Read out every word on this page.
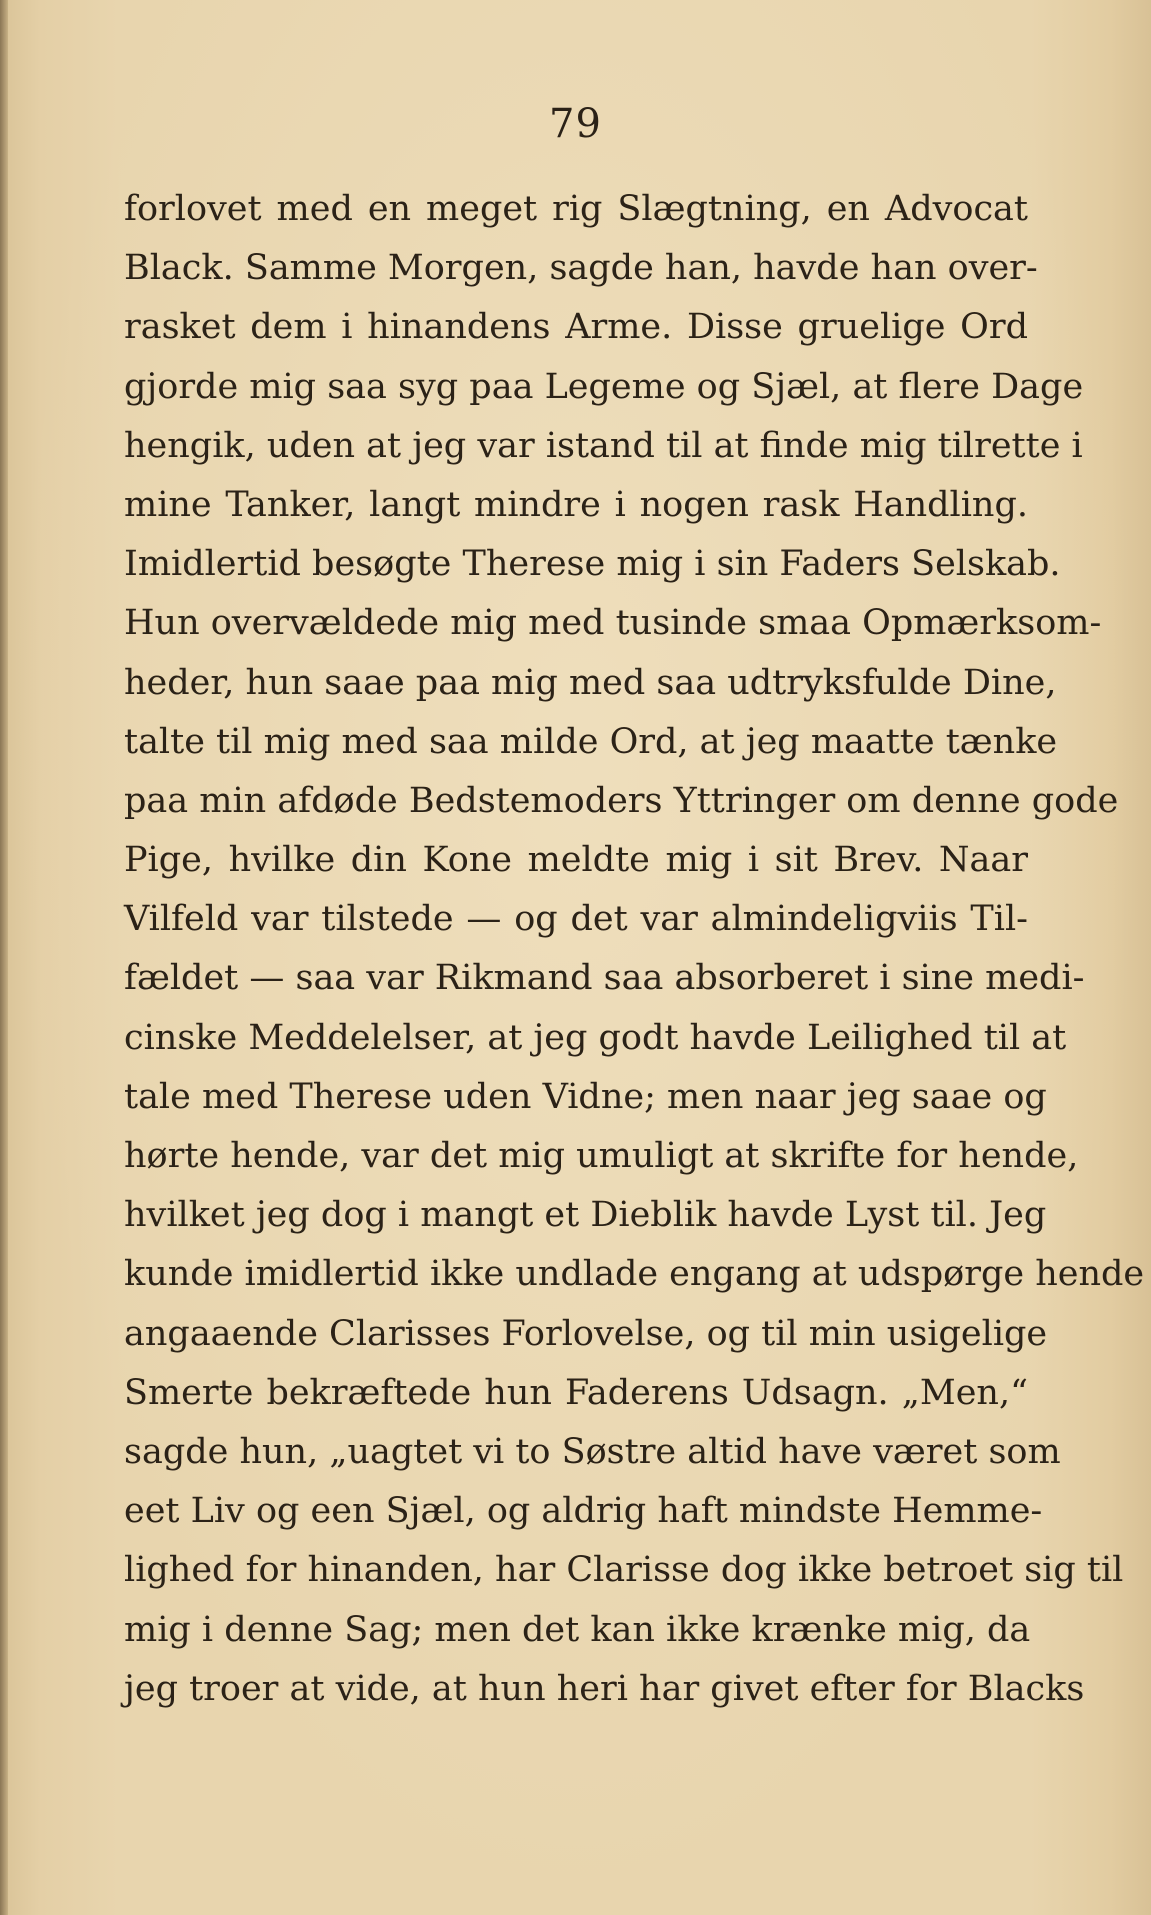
79
forlovet med en meget rig Slægtning, en Advocat
Black. Samme Morgen, sagde han, havde han over-
rasket dem i hinandens Arme. Disse gruelige Ord
gjorde mig saa syg paa Legeme og Sjæl, at flere Dage
hengik, uden at jeg var istand til at finde mig tilrette i
mine Tanker, langt mindre i nogen rask Handling.
Imidlertid besøgte Therese mig i sin Faders Selskab.
Hun overvældede mig med tusinde smaa Opmærksom-
heder, hun saae paa mig med saa udtryksfulde Dine,
talte til mig med saa milde Ord, at jeg maatte tænke
paa min afdøde Bedstemoders Yttringer om denne gode
Pige, hvilke din Kone meldte mig i sit Brev. Naar
Vilfeld var tilstede — og det var almindeligviis Til-
fældet — saa var Rikmand saa absorberet i sine medi-
cinske Meddelelser, at jeg godt havde Leilighed til at
tale med Therese uden Vidne; men naar jeg saae og
hørte hende, var det mig umuligt at skrifte for hende,
hvilket jeg dog i mangt et Dieblik havde Lyst til. Jeg
kunde imidlertid ikke undlade engang at udspørge hende
angaaende Clarisses Forlovelse, og til min usigelige
Smerte bekræftede hun Faderens Udsagn. „Men,“
sagde hun, „uagtet vi to Søstre altid have været som
eet Liv og een Sjæl, og aldrig haft mindste Hemme-
lighed for hinanden, har Clarisse dog ikke betroet sig til
mig i denne Sag; men det kan ikke krænke mig, da
jeg troer at vide, at hun heri har givet efter for Blacks
